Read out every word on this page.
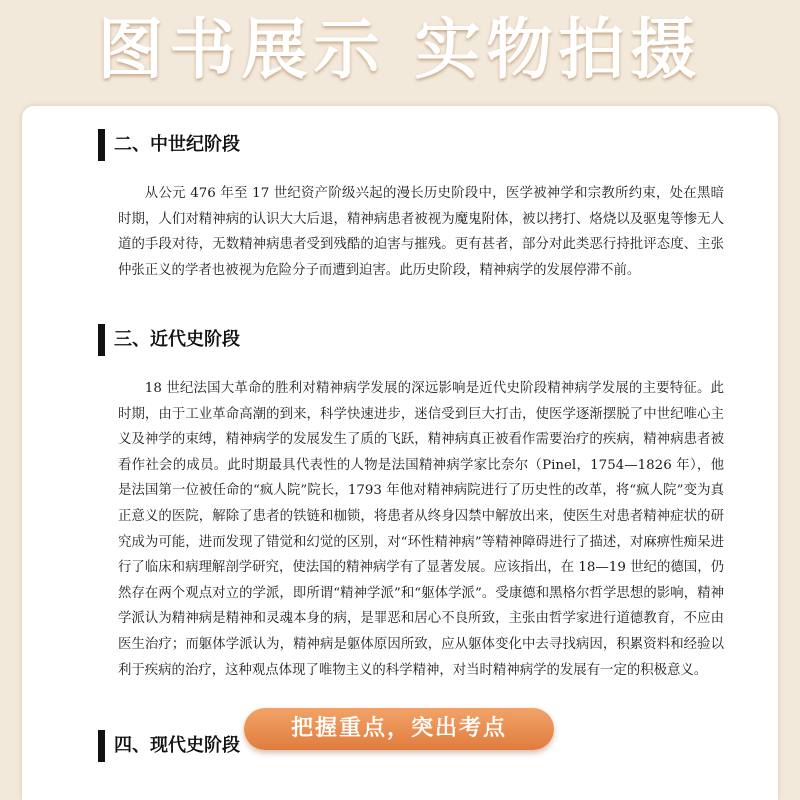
图书展示 实物拍摄
二、中世纪阶段

从公元 476 年至 17 世纪资产阶级兴起的漫长历史阶段中，医学被神学和宗教所约束，处在黑暗时期，人们对精神病的认识大大后退，精神病患者被视为魔鬼附体，被以拷打、烙烧以及驱鬼等惨无人道的手段对待，无数精神病患者受到残酷的迫害与摧残。更有甚者，部分对此类恶行持批评态度、主张仲张正义的学者也被视为危险分子而遭到迫害。此历史阶段，精神病学的发展停滞不前。

三、近代史阶段

18 世纪法国大革命的胜利对精神病学发展的深远影响是近代史阶段精神病学发展的主要特征。此时期，由于工业革命高潮的到来，科学快速进步，迷信受到巨大打击，使医学逐渐摆脱了中世纪唯心主义及神学的束缚，精神病学的发展发生了质的飞跃，精神病真正被看作需要治疗的疾病，精神病患者被看作社会的成员。此时期最具代表性的人物是法国精神病学家比奈尔（Pinel，1754—1826 年），他是法国第一位被任命的“疯人院”院长，1793 年他对精神病院进行了历史性的改革，将“疯人院”变为真正意义的医院，解除了患者的铁链和枷锁，将患者从终身囚禁中解放出来，使医生对患者精神症状的研究成为可能，进而发现了错觉和幻觉的区别，对“环性精神病”等精神障碍进行了描述，对麻痹性痴呆进行了临床和病理解剖学研究，使法国的精神病学有了显著发展。应该指出，在 18—19 世纪的德国，仍然存在两个观点对立的学派，即所谓“精神学派”和“躯体学派”。受康德和黑格尔哲学思想的影响，精神学派认为精神病是精神和灵魂本身的病，是罪恶和居心不良所致，主张由哲学家进行道德教育，不应由医生治疗；而躯体学派认为，精神病是躯体原因所致，应从躯体变化中去寻找病因，积累资料和经验以利于疾病的治疗，这种观点体现了唯物主义的科学精神，对当时精神病学的发展有一定的积极意义。

四、现代史阶段
把握重点，突出考点
